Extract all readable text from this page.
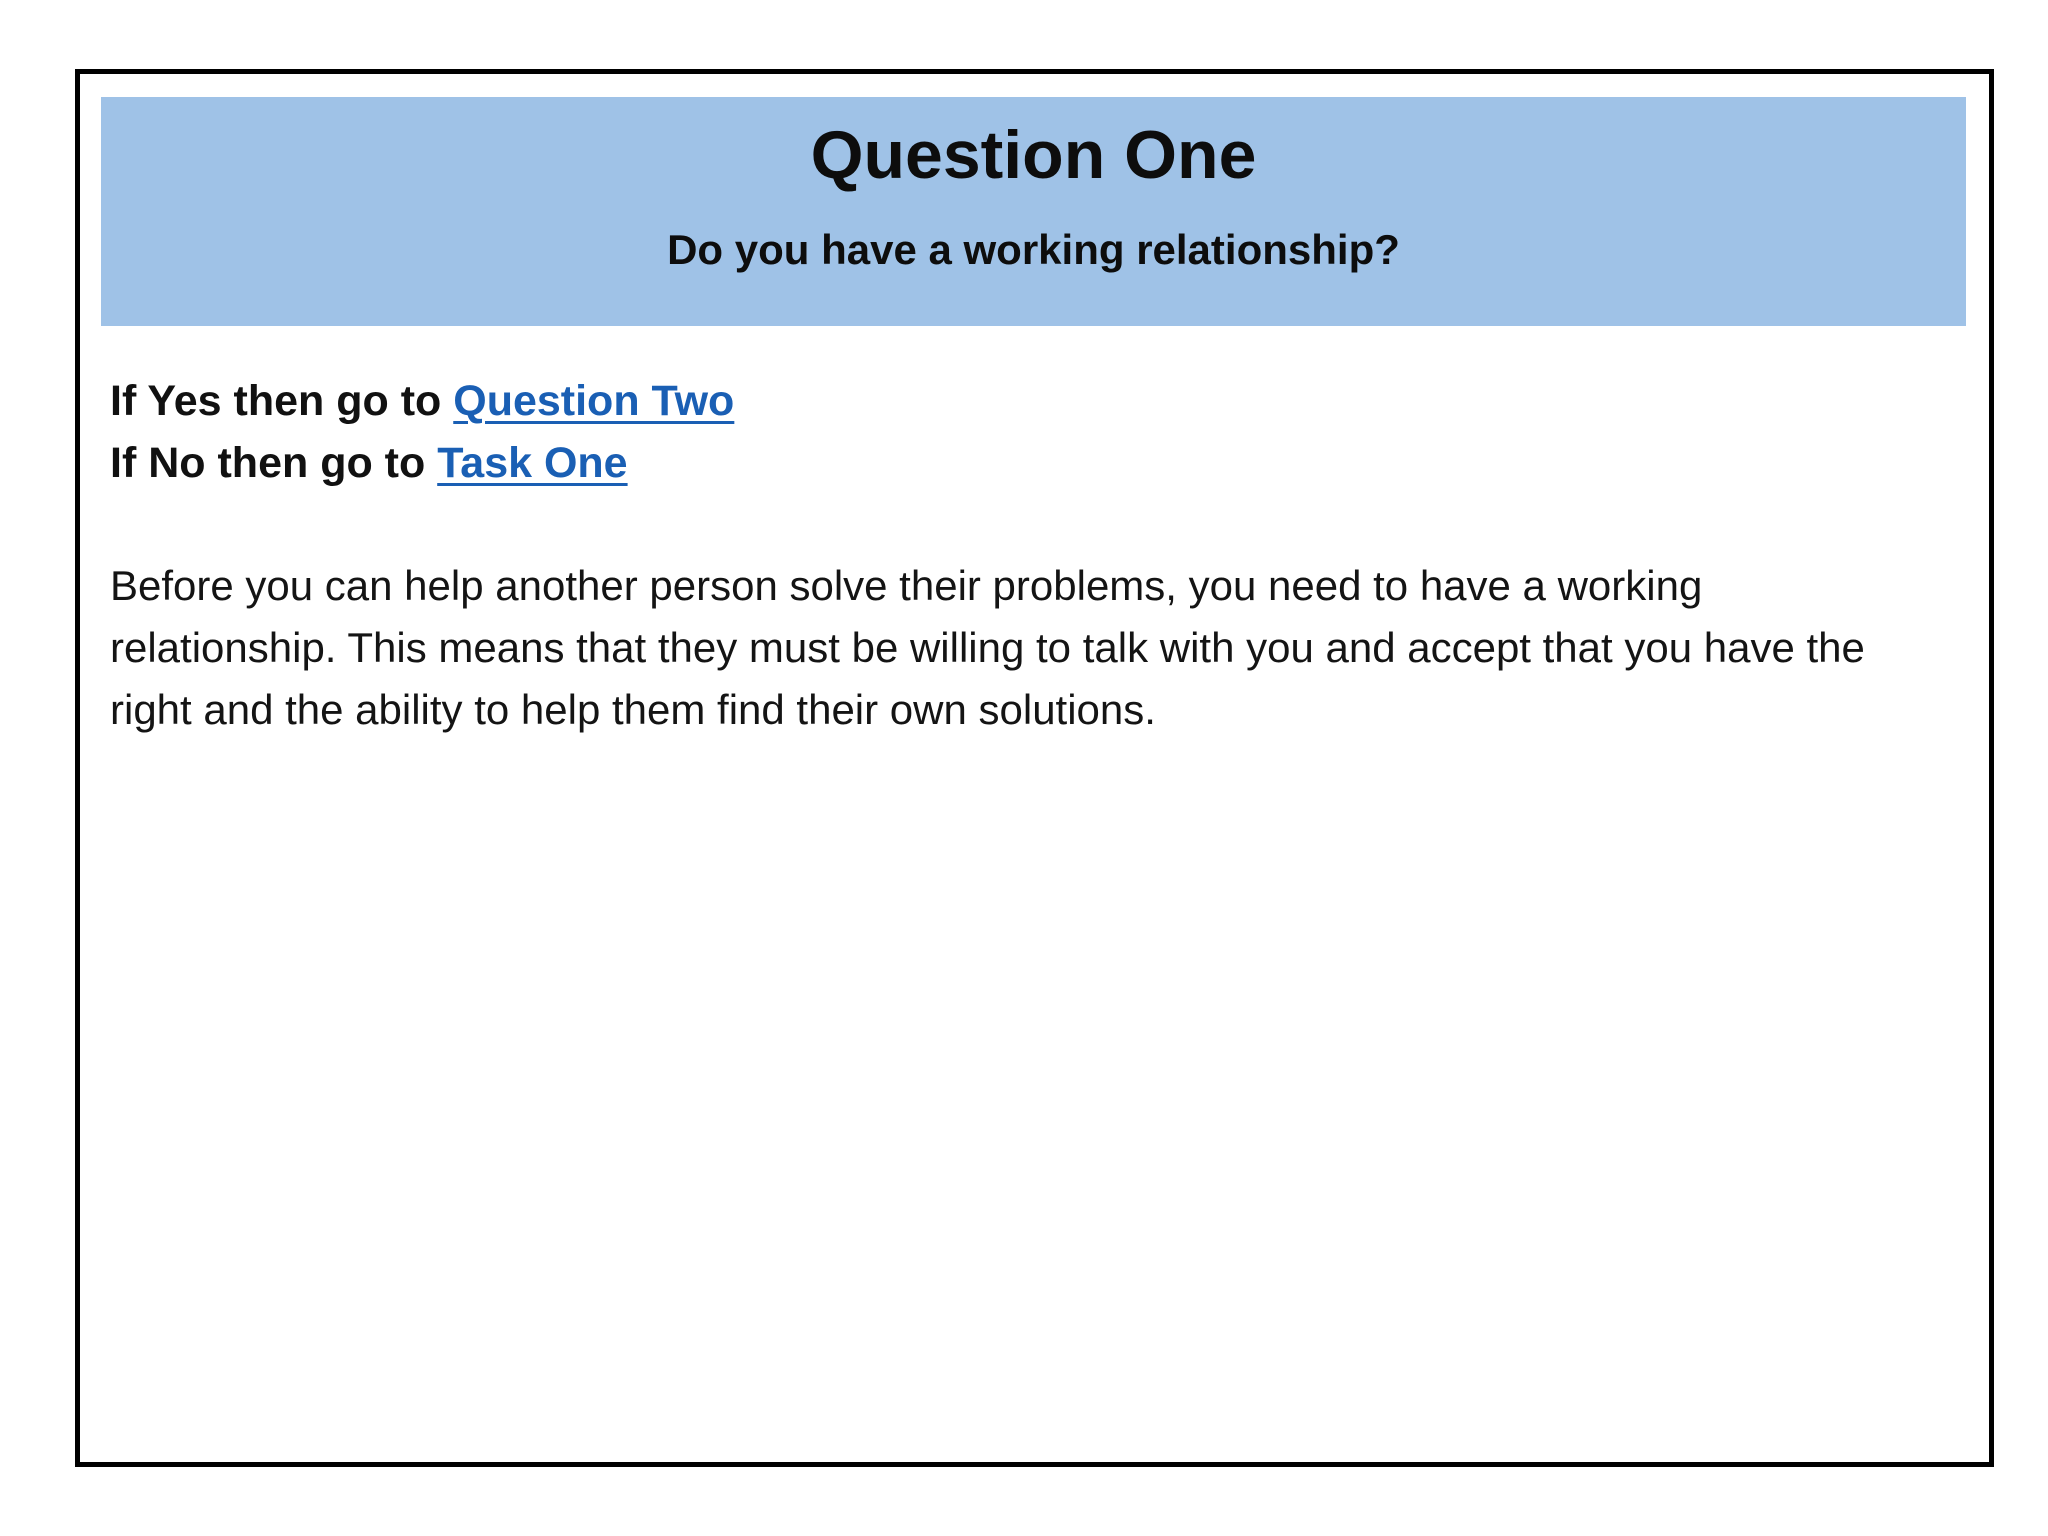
Question One
Do you have a working relationship?

If Yes then go to Question Two

If No then go to Task One

Before you can help another person solve their problems, you need to have a working relationship. This means that they must be willing to talk with you and accept that you have the right and the ability to help them find their own solutions.
